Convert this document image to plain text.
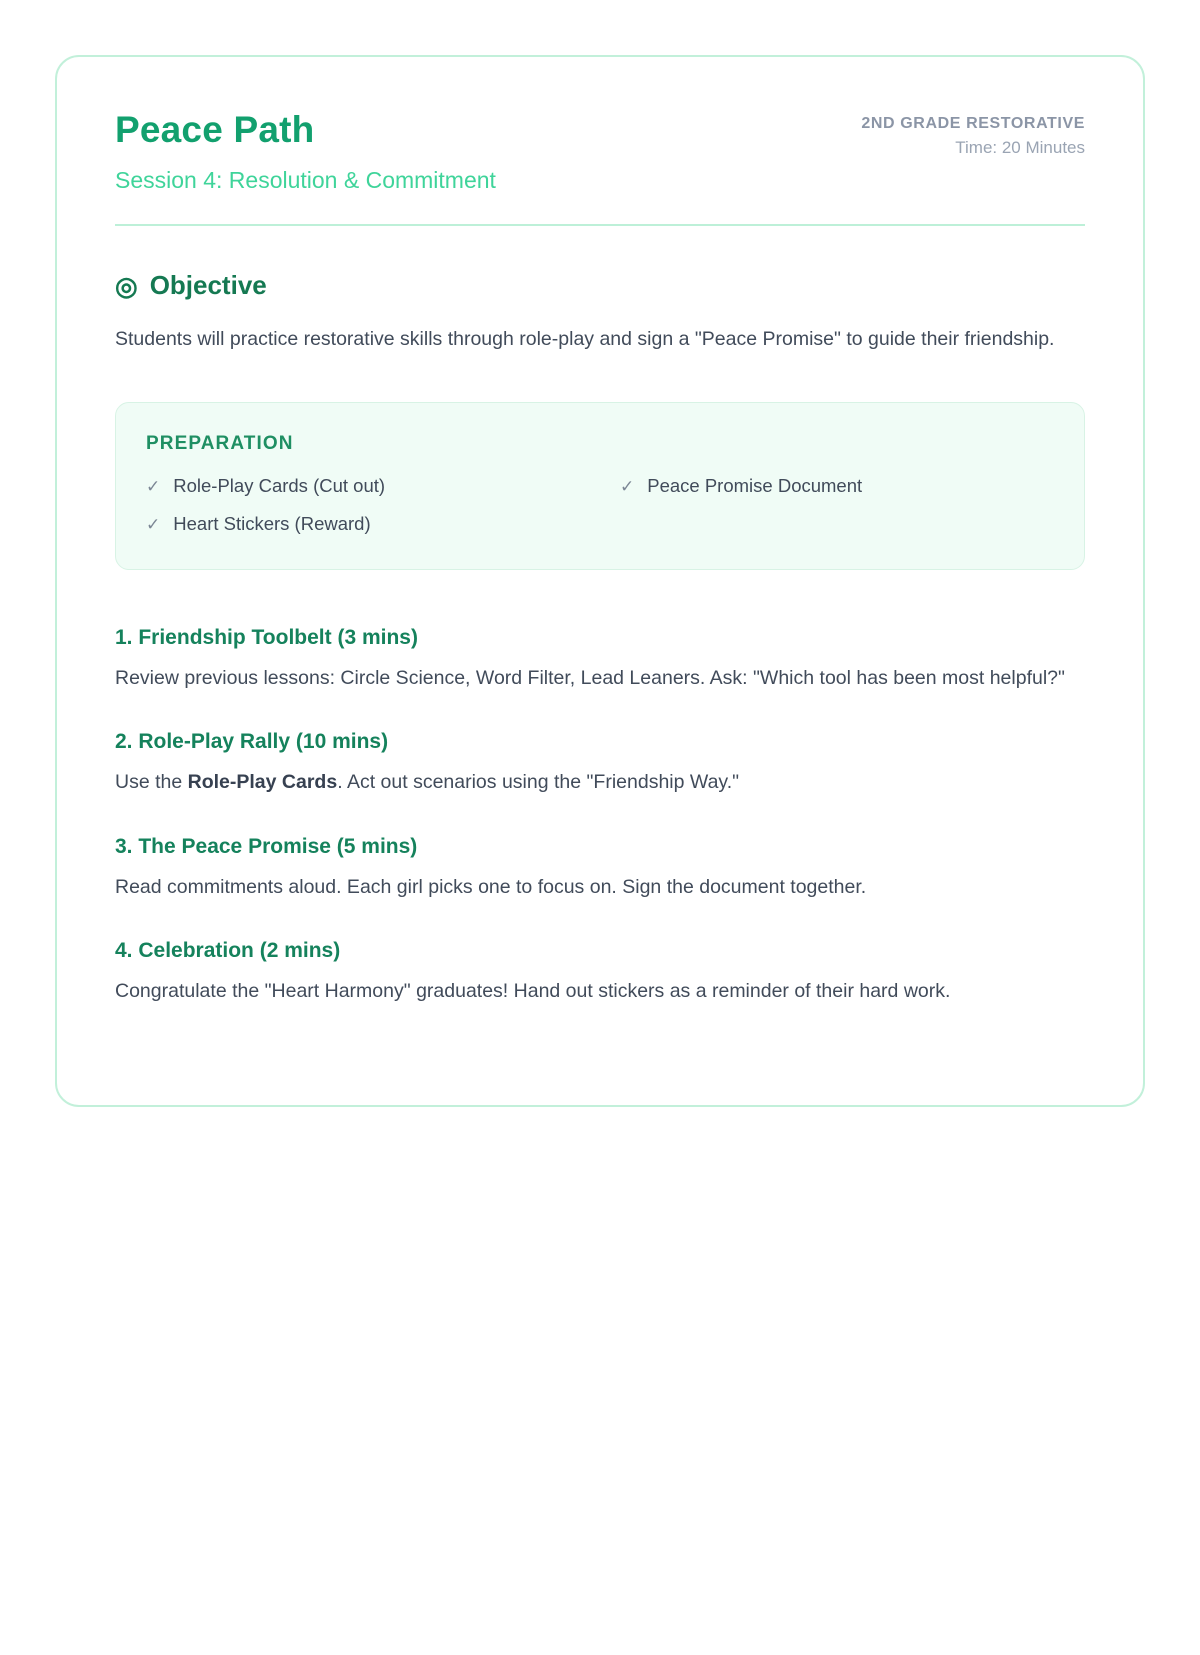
Peace Path
Session 4: Resolution & Commitment
2ND GRADE RESTORATIVE
Time: 20 Minutes
◎ Objective

Students will practice restorative skills through role-play and sign a "Peace Promise" to guide their friendship.

PREPARATION
✓ Role-Play Cards (Cut out)
✓ Heart Stickers (Reward)
✓ Peace Promise Document
1. Friendship Toolbelt (3 mins)

Review previous lessons: Circle Science, Word Filter, Lead Leaners. Ask: "Which tool has been most helpful?"

2. Role-Play Rally (10 mins)

Use the Role-Play Cards. Act out scenarios using the "Friendship Way."

3. The Peace Promise (5 mins)

Read commitments aloud. Each girl picks one to focus on. Sign the document together.

4. Celebration (2 mins)

Congratulate the "Heart Harmony" graduates! Hand out stickers as a reminder of their hard work.
